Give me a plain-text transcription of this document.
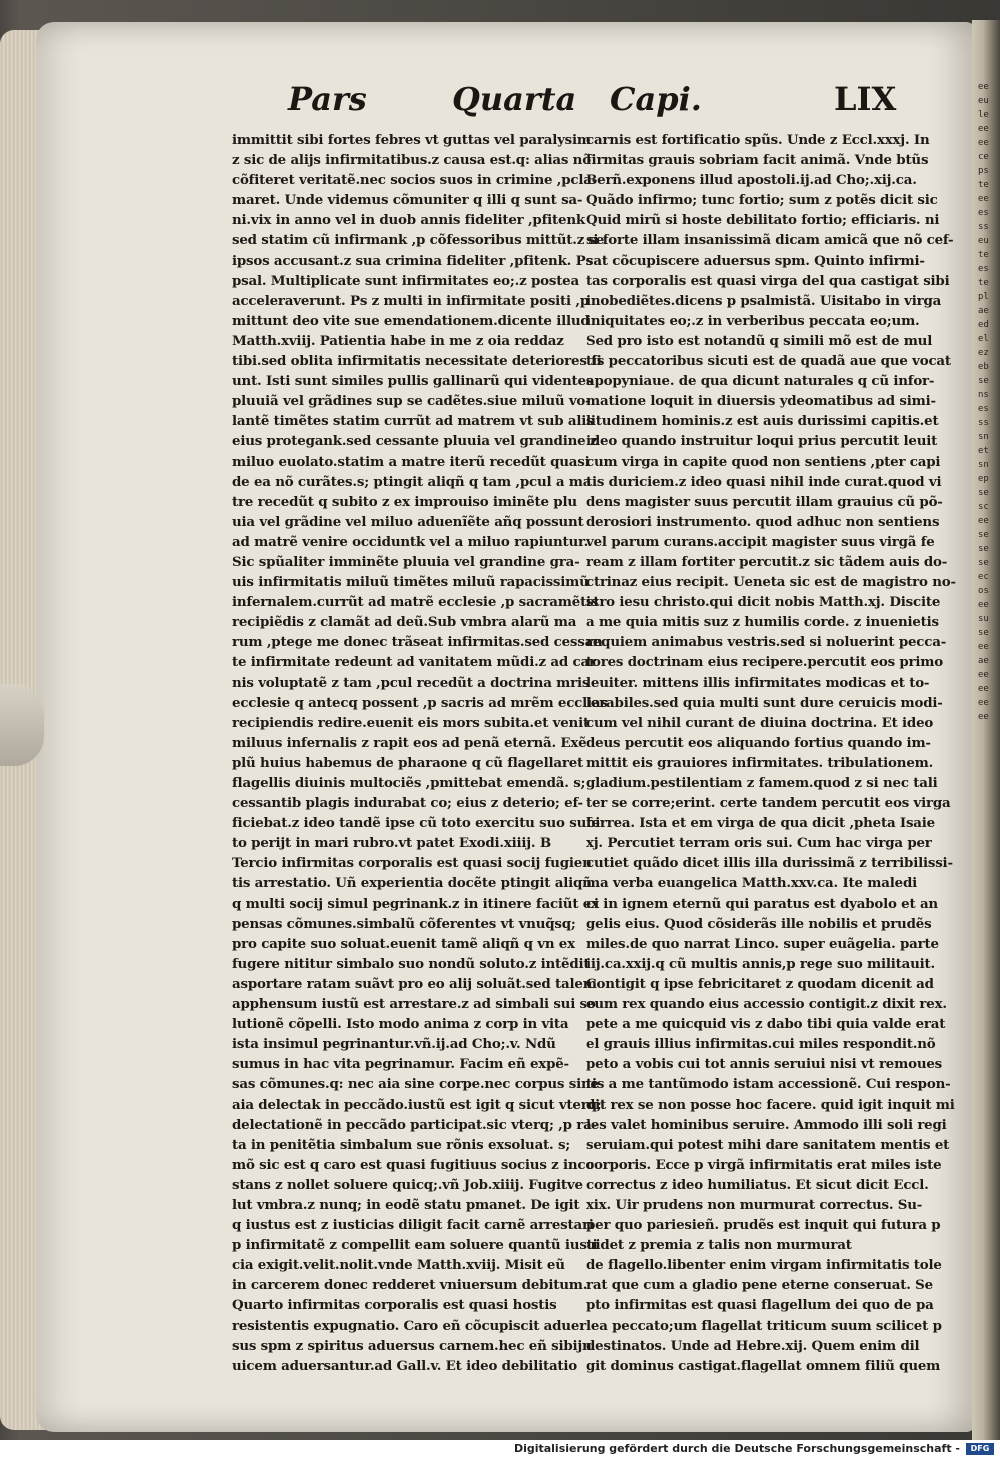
eeeuleeeeecepsteeeessseuteesteplaeedelezebsensessssnetsnepsesceeseseseecoseesuseeeaeeeeeeeee
Pars	Quarta Capi.	LIX
immittit sibi fortes febres vt guttas vel paralysim
z sic de alijs infirmitatibus.z causa est.q: alias nõ
cõfiteret veritatẽ.nec socios suos in crimine ,pcla-
maret. Unde videmus cõmuniter q illi q sunt sa-
ni.vix in anno vel in duob annis fideliter ,pfitenk
sed statim cũ infirmank ,p cõfessoribus mittũt.z se
ipsos accusant.z sua crimina fideliter ,pfitenk. Ps
psal. Multiplicate sunt infirmitates eo;.z postea
acceleraverunt. Ps z multi in infirmitate positi ,p
mittunt deo vite sue emendationem.dicente illud
Matth.xviij. Patientia habe in me z oia reddaz
tibi.sed oblita infirmitatis necessitate deteriores fi
unt. Isti sunt similes pullis gallinarũ qui videntes
pluuiã vel grãdines sup se cadẽtes.siue miluũ vo-
lantẽ timẽtes statim currũt ad matrem vt sub alis
eius protegank.sed cessante pluuia vel grandine z
miluo euolato.statim a matre iterũ recedũt quasi
de ea nõ curãtes.s; ptingit aliqñ q tam ,pcul a ma
tre recedũt q subito z ex improuiso iminẽte plu
uia vel grãdine vel miluo aduenĩẽte añq possunt
ad matrẽ venire occiduntk vel a miluo rapiuntur.
Sic spũaliter imminẽte pluuia vel grandine gra-
uis infirmitatis miluũ timẽtes miluũ rapacissimũ
infernalem.currũt ad matrẽ ecclesie ,p sacramẽtis
recipiẽdis z clamãt ad deũ.Sub vmbra alarũ ma
rum ,ptege me donec trãseat infirmitas.sed cessan
te infirmitate redeunt ad vanitatem mũdi.z ad car
nis voluptatẽ z tam ,pcul recedũt a doctrina mris
ecclesie q antecq possent ,p sacris ad mrẽm ecclias
recipiendis redire.euenit eis mors subita.et venit
miluus infernalis z rapit eos ad penã eternã. Exẽ
plũ huius habemus de pharaone q cũ flagellaret
flagellis diuinis multociẽs ,pmittebat emendã. s;
cessantib plagis indurabat co; eius z deterio; ef-
ficiebat.z ideo tandẽ ipse cũ toto exercitu suo subi
to perijt in mari rubro.vt patet Exodi.xiiij. B
Tercio infirmitas corporalis est quasi socij fugien
tis arrestatio. Uñ experientia docẽte ptingit aliqñ
q multi socij simul pegrinank.z in itinere faciũt ex
pensas cõmunes.simbalũ cõferentes vt vnuq̃sq;
pro capite suo soluat.euenit tamẽ aliqñ q vn ex
fugere nititur simbalo suo nondũ soluto.z intẽdit
asportare ratam suãvt pro eo alij soluãt.sed talem
apphensum iustũ est arrestare.z ad simbali sui so
lutionẽ cõpelli. Isto modo anima z corp in vita
ista insimul pegrinantur.vñ.ij.ad Cho;.v. Ndũ
sumus in hac vita pegrinamur. Facim eñ expẽ-
sas cõmunes.q: nec aia sine corpe.nec corpus sine
aia delectak in peccãdo.iustũ est igit q sicut vterq;
delectationẽ in peccãdo participat.sic vterq; ,p ra-
ta in penitẽtia simbalum sue rõnis exsoluat. s;
mõ sic est q caro est quasi fugitiuus socius z inco
stans z nollet soluere quicq;.vñ Job.xiiij. Fugitve
lut vmbra.z nunq; in eodẽ statu pmanet. De igit
q iustus est z iusticias diligit facit carnẽ arrestari
p infirmitatẽ z compellit eam soluere quantũ iusti
cia exigit.velit.nolit.vnde Matth.xviij. Misit eũ
in carcerem donec redderet vniuersum debitum.
Quarto infirmitas corporalis est quasi hostis
resistentis expugnatio. Caro eñ cõcupiscit aduer
sus spm z spiritus aduersus carnem.hec eñ sibijn
uicem aduersantur.ad Gall.v. Et ideo debilitatio
carnis est fortificatio spũs. Unde z Eccl.xxxj. In
firmitas grauis sobriam facit animã. Vnde btũs
Berñ.exponens illud apostoli.ij.ad Cho;.xij.ca.
Quãdo infirmo; tunc fortio; sum z potẽs dicit sic
Quid mirũ si hoste debilitato fortio; efficiaris. ni
si forte illam insanissimã dicam amicã que nõ cef-
sat cõcupiscere aduersus spm. Quinto infirmi-
tas corporalis est quasi virga del qua castigat sibi
inobediẽtes.dicens p psalmistã. Uisitabo in virga
iniquitates eo;.z in verberibus peccata eo;um.
Sed pro isto est notandũ q simili mõ est de mul
tis peccatoribus sicuti est de quadã aue que vocat
apopyniaue. de qua dicunt naturales q cũ infor-
matione loquit in diuersis ydeomatibus ad simi-
litudinem hominis.z est auis durissimi capitis.et
ideo quando instruitur loqui prius percutit leuit
cum virga in capite quod non sentiens ,pter capi
tis duriciem.z ideo quasi nihil inde curat.quod vi
dens magister suus percutit illam grauius cũ põ-
derosiori instrumento. quod adhuc non sentiens
vel parum curans.accipit magister suus virgã fe
ream z illam fortiter percutit.z sic tãdem auis do-
ctrinaz eius recipit. Ueneta sic est de magistro no-
stro iesu christo.qui dicit nobis Matth.xj. Discite
a me quia mitis suz z humilis corde. z inuenietis
requiem animabus vestris.sed si noluerint pecca-
tores doctrinam eius recipere.percutit eos primo
leuiter. mittens illis infirmitates modicas et to-
lerabiles.sed quia multi sunt dure ceruicis modi-
cum vel nihil curant de diuina doctrina. Et ideo
deus percutit eos aliquando fortius quando im-
mittit eis grauiores infirmitates. tribulationem.
gladium.pestilentiam z famem.quod z si nec tali
ter se corre;erint. certe tandem percutit eos virga
ferrea. Ista et em virga de qua dicit ,pheta Isaie
xj. Percutiet terram oris sui. Cum hac virga per
cutiet quãdo dicet illis illa durissimã z terribilissi-
ma verba euangelica Matth.xxv.ca. Ite maledi
ci in ignem eternũ qui paratus est dyabolo et an
gelis eius. Quod cõsiderãs ille nobilis et prudẽs
miles.de quo narrat Linco. super euãgelia. parte
iij.ca.xxij.q cũ multis annis,p rege suo militauit.
Contigit q ipse febricitaret z quodam dicenit ad
eum rex quando eius accessio contigit.z dixit rex.
pete a me quicquid vis z dabo tibi quia valde erat
el grauis illius infirmitas.cui miles respondit.nõ
peto a vobis cui tot annis seruiui nisi vt remoues
tis a me tantũmodo istam accessionẽ. Cui respon-
dit rex se non posse hoc facere. quid igit inquit mi
les valet hominibus seruire. Ammodo illi soli regi
seruiam.qui potest mihi dare sanitatem mentis et
corporis. Ecce p virgã infirmitatis erat miles iste
correctus z ideo humiliatus. Et sicut dicit Eccl.
xix. Uir prudens non murmurat correctus. Su-
per quo pariesieñ. prudẽs est inquit qui futura p
uidet z premia z talis non murmurat
de flagello.libenter enim virgam infirmitatis tole
rat que cum a gladio pene eterne conseruat. Se
pto infirmitas est quasi flagellum dei quo de pa
lea peccato;um flagellat triticum suum scilicet p
destinatos. Unde ad Hebre.xij. Quem enim dil
git dominus castigat.flagellat omnem filiũ quem
Digitalisierung gefördert durch die Deutsche Forschungsgemeinschaft -	DFG
